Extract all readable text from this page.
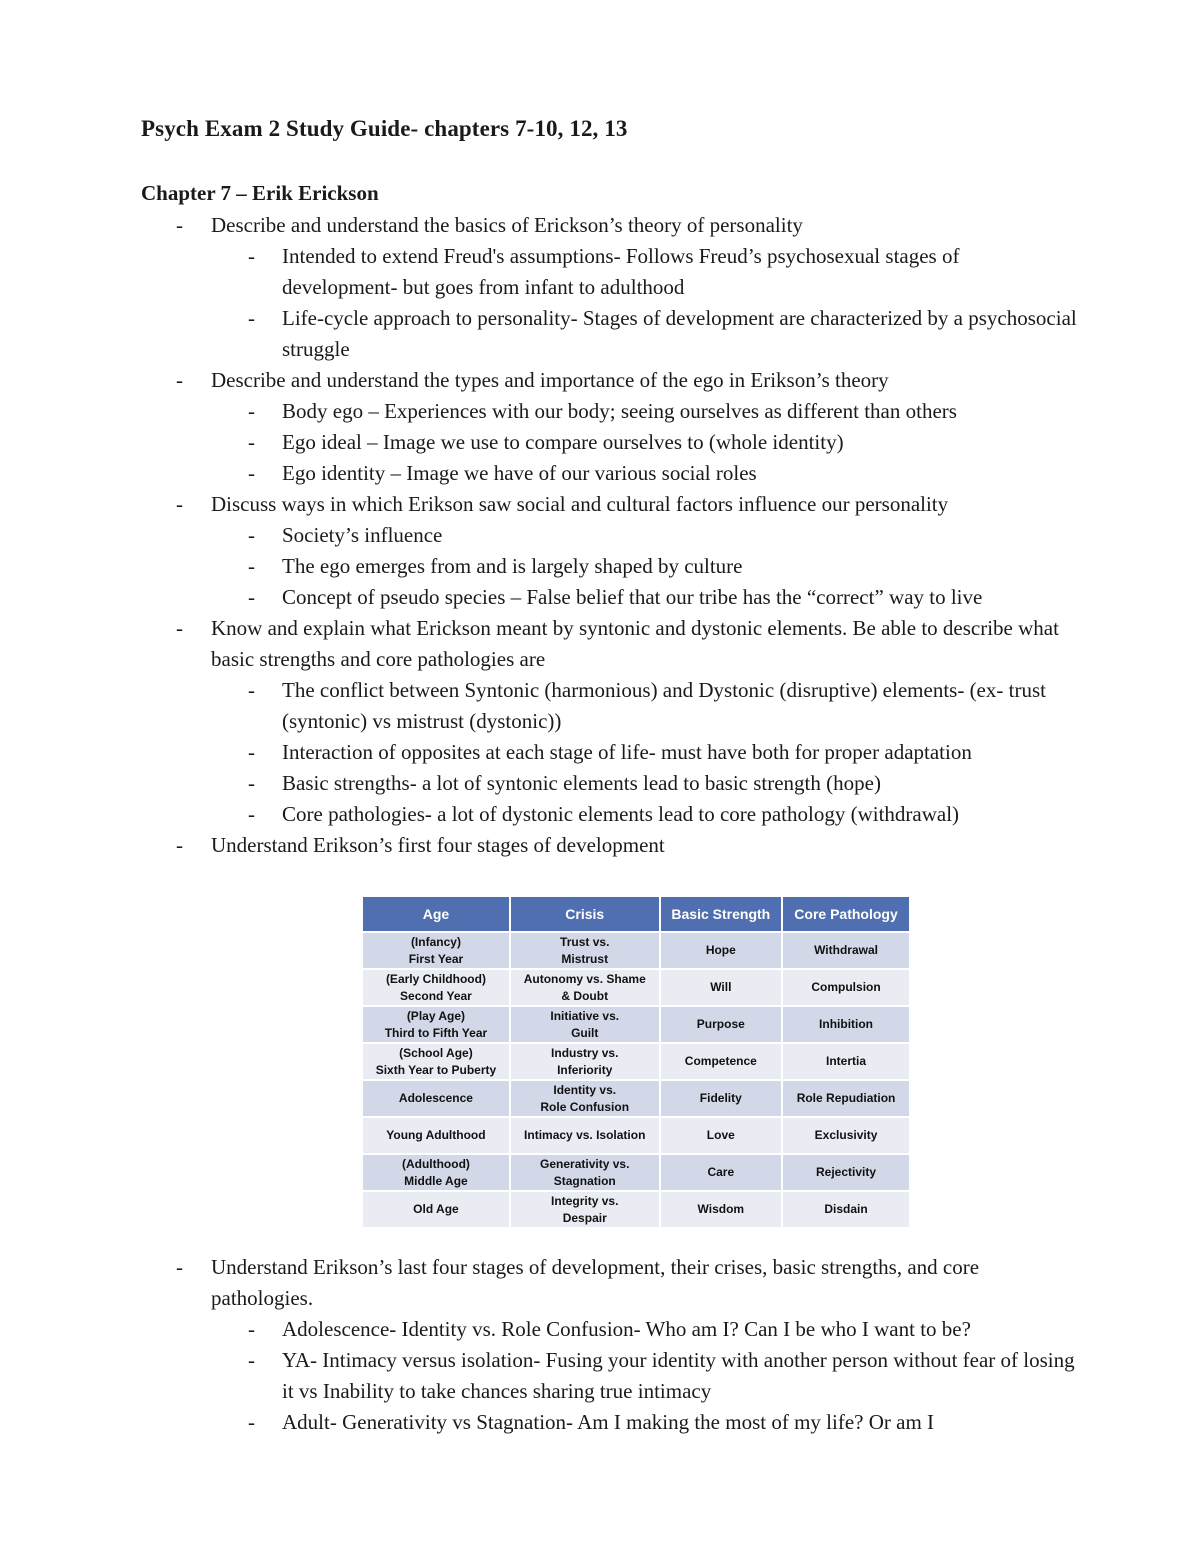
Psych Exam 2 Study Guide- chapters 7-10, 12, 13
Chapter 7 – Erik Erickson
- Describe and understand the basics of Erickson’s theory of personality
- Intended to extend Freud's assumptions- Follows Freud’s psychosexual stages of development- but goes from infant to adulthood
- Life-cycle approach to personality- Stages of development are characterized by a psychosocial struggle
- Describe and understand the types and importance of the ego in Erikson’s theory
- Body ego – Experiences with our body; seeing ourselves as different than others
- Ego ideal – Image we use to compare ourselves to (whole identity)
- Ego identity – Image we have of our various social roles
- Discuss ways in which Erikson saw social and cultural factors influence our personality
- Society’s influence
- The ego emerges from and is largely shaped by culture
- Concept of pseudo species – False belief that our tribe has the “correct” way to live
- Know and explain what Erickson meant by syntonic and dystonic elements. Be able to describe what basic strengths and core pathologies are
- The conflict between Syntonic (harmonious) and Dystonic (disruptive) elements- (ex- trust (syntonic) vs mistrust (dystonic))
- Interaction of opposites at each stage of life- must have both for proper adaptation
- Basic strengths- a lot of syntonic elements lead to basic strength (hope)
- Core pathologies- a lot of dystonic elements lead to core pathology (withdrawal)
- Understand Erikson’s first four stages of development
Age	Crisis	Basic Strength	Core Pathology

(Infancy)
First Year	Trust vs.
Mistrust	Hope	Withdrawal

(Early Childhood)
Second Year	Autonomy vs. Shame
& Doubt	Will	Compulsion

(Play Age)
Third to Fifth Year	Initiative vs.
Guilt	Purpose	Inhibition

(School Age)
Sixth Year to Puberty	Industry vs.
Inferiority	Competence	Intertia

Adolescence	Identity vs.
Role Confusion	Fidelity	Role Repudiation

Young Adulthood	Intimacy vs. Isolation	Love	Exclusivity

(Adulthood)
Middle Age	Generativity vs.
Stagnation	Care	Rejectivity

Old Age	Integrity vs.
Despair	Wisdom	Disdain
- Understand Erikson’s last four stages of development, their crises, basic strengths, and core pathologies.
- Adolescence- Identity vs. Role Confusion- Who am I? Can I be who I want to be?
- YA- Intimacy versus isolation- Fusing your identity with another person without fear of losing it vs Inability to take chances sharing true intimacy
- Adult- Generativity vs Stagnation- Am I making the most of my life? Or am I
